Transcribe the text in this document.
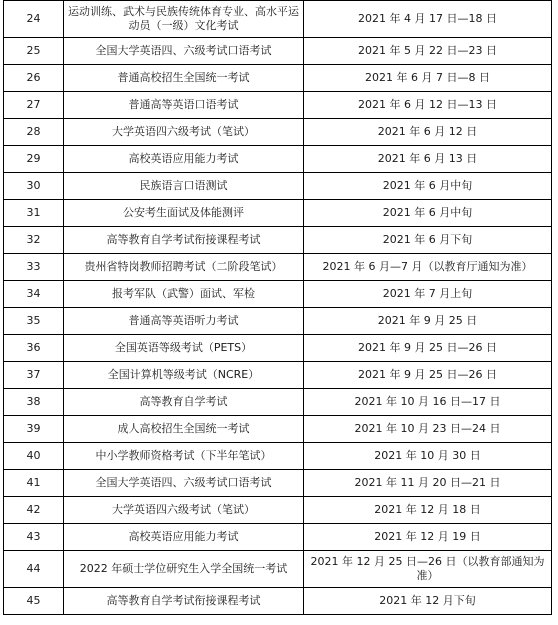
24	运动训练、武术与民族传统体育专业、高水平运动员（一级）文化考试	2021 年 4 月 17 日—18 日
25	全国大学英语四、六级考试口语考试	2021 年 5 月 22 日—23 日
26	普通高校招生全国统一考试	2021 年 6 月 7 日—8 日
27	普通高等英语口语考试	2021 年 6 月 12 日—13 日
28	大学英语四六级考试（笔试）	2021 年 6 月 12 日
29	高校英语应用能力考试	2021 年 6 月 13 日
30	民族语言口语测试	2021 年 6 月中旬
31	公安考生面试及体能测评	2021 年 6 月中旬
32	高等教育自学考试衔接课程考试	2021 年 6 月下旬
33	贵州省特岗教师招聘考试（二阶段笔试）	2021 年 6 月—7 月（以教育厅通知为准）
34	报考军队（武警）面试、军检	2021 年 7 月上旬
35	普通高等英语听力考试	2021 年 9 月 25 日
36	全国英语等级考试（PETS）	2021 年 9 月 25 日—26 日
37	全国计算机等级考试（NCRE）	2021 年 9 月 25 日—26 日
38	高等教育自学考试	2021 年 10 月 16 日—17 日
39	成人高校招生全国统一考试	2021 年 10 月 23 日—24 日
40	中小学教师资格考试（下半年笔试）	2021 年 10 月 30 日
41	全国大学英语四、六级考试口语考试	2021 年 11 月 20 日—21 日
42	大学英语四六级考试（笔试）	2021 年 12 月 18 日
43	高校英语应用能力考试	2021 年 12 月 19 日
44	2022 年硕士学位研究生入学全国统一考试	2021 年 12 月 25 日—26 日（以教育部通知为准）
45	高等教育自学考试衔接课程考试	2021 年 12 月下旬
